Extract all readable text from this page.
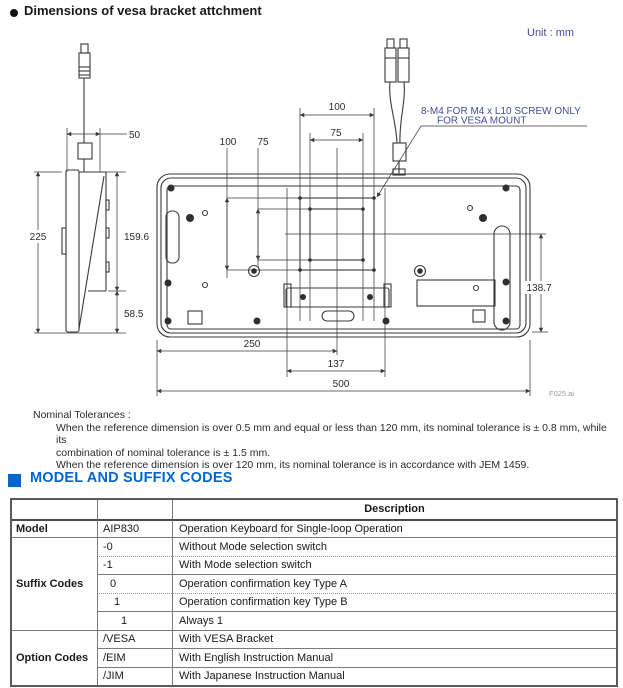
Dimensions of vesa bracket attchment
Unit : mm
50
225	159.6
58.5
100 75
100
75
138.7
250
137
500
8-M4 FOR M4 x L10 SCREW ONLY
FOR VESA MOUNT
F025.ai
Nominal Tolerances :
When the reference dimension is over 0.5 mm and equal or less than 120 mm, its nominal tolerance is ± 0.8 mm, while its
combination of nominal tolerance is ± 1.5 mm.
When the reference dimension is over 120 mm, its nominal tolerance is in accordance with JEM 1459.
MODEL AND SUFFIX CODES
Description
Model	AIP830	Operation Keyboard for Single-loop Operation
Suffix Codes
-0	Without Mode selection switch
-1	With Mode selection switch
0	Operation confirmation key Type A
1	Operation confirmation key Type B
1	Always 1
Option Codes
/VESA	With VESA Bracket
/EIM	With English Instruction Manual
/JIM	With Japanese Instruction Manual
